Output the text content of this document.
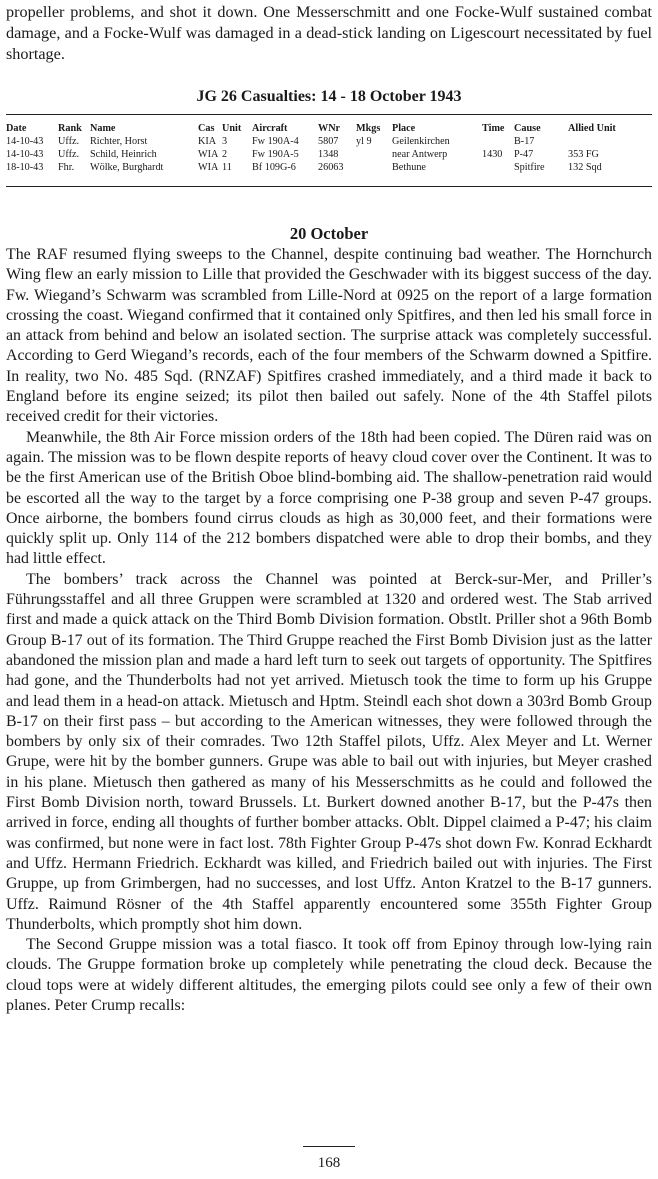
propeller problems, and shot it down. One Messerschmitt and one Focke-Wulf sustained combat damage, and a Focke-Wulf was damaged in a dead-stick landing on Ligescourt necessitated by fuel shortage.

JG 26 Casualties: 14 - 18 October 1943
Date	Rank	Name	Cas	Unit	Aircraft	WNr	Mkgs	Place	Time	Cause	Allied Unit
14-10-43	Uffz.	Richter, Horst	KIA	3	Fw 190A-4	5807	yl 9	Geilenkirchen		B-17	
14-10-43	Uffz.	Schild, Heinrich	WIA	2	Fw 190A-5	1348		near Antwerp	1430	P-47	353 FG
18-10-43	Fhr.	Wölke, Burghardt	WIA	11	Bf 109G-6	26063		Bethune		Spitfire	132 Sqd
20 October

The RAF resumed flying sweeps to the Channel, despite continuing bad weather. The Hornchurch Wing flew an early mission to Lille that provided the Geschwader with its biggest success of the day. Fw. Wiegand’s Schwarm was scrambled from Lille-Nord at 0925 on the report of a large formation crossing the coast. Wiegand confirmed that it contained only Spitfires, and then led his small force in an attack from behind and below an isolated section. The surprise attack was completely successful. According to Gerd Wiegand’s records, each of the four members of the Schwarm downed a Spitfire. In reality, two No. 485 Sqd. (RNZAF) Spitfires crashed immediately, and a third made it back to England before its engine seized; its pilot then bailed out safely. None of the 4th Staffel pilots received credit for their victories.

Meanwhile, the 8th Air Force mission orders of the 18th had been copied. The Düren raid was on again. The mission was to be flown despite reports of heavy cloud cover over the Continent. It was to be the first American use of the British Oboe blind-bombing aid. The shallow-penetration raid would be escorted all the way to the target by a force comprising one P-38 group and seven P-47 groups. Once airborne, the bombers found cirrus clouds as high as 30,000 feet, and their formations were quickly split up. Only 114 of the 212 bombers dispatched were able to drop their bombs, and they had little effect.

The bombers’ track across the Channel was pointed at Berck-sur-Mer, and Priller’s Führungsstaffel and all three Gruppen were scrambled at 1320 and ordered west. The Stab arrived first and made a quick attack on the Third Bomb Division formation. Obstlt. Priller shot a 96th Bomb Group B-17 out of its formation. The Third Gruppe reached the First Bomb Division just as the latter abandoned the mission plan and made a hard left turn to seek out targets of opportunity. The Spitfires had gone, and the Thunderbolts had not yet arrived. Mietusch took the time to form up his Gruppe and lead them in a head-on attack. Mietusch and Hptm. Steindl each shot down a 303rd Bomb Group B-17 on their first pass – but according to the American witnesses, they were followed through the bombers by only six of their comrades. Two 12th Staffel pilots, Uffz. Alex Meyer and Lt. Werner Grupe, were hit by the bomber gunners. Grupe was able to bail out with injuries, but Meyer crashed in his plane. Mietusch then gathered as many of his Messerschmitts as he could and followed the First Bomb Division north, toward Brussels. Lt. Burkert downed another B-17, but the P-47s then arrived in force, ending all thoughts of further bomber attacks. Oblt. Dippel claimed a P-47; his claim was confirmed, but none were in fact lost. 78th Fighter Group P-47s shot down Fw. Konrad Eckhardt and Uffz. Hermann Friedrich. Eckhardt was killed, and Friedrich bailed out with injuries. The First Gruppe, up from Grimbergen, had no successes, and lost Uffz. Anton Kratzel to the B-17 gunners. Uffz. Raimund Rösner of the 4th Staffel apparently encountered some 355th Fighter Group Thunderbolts, which promptly shot him down.

The Second Gruppe mission was a total fiasco. It took off from Epinoy through low-lying rain clouds. The Gruppe formation broke up completely while penetrating the cloud deck. Because the cloud tops were at widely different altitudes, the emerging pilots could see only a few of their own planes. Peter Crump recalls:

168
